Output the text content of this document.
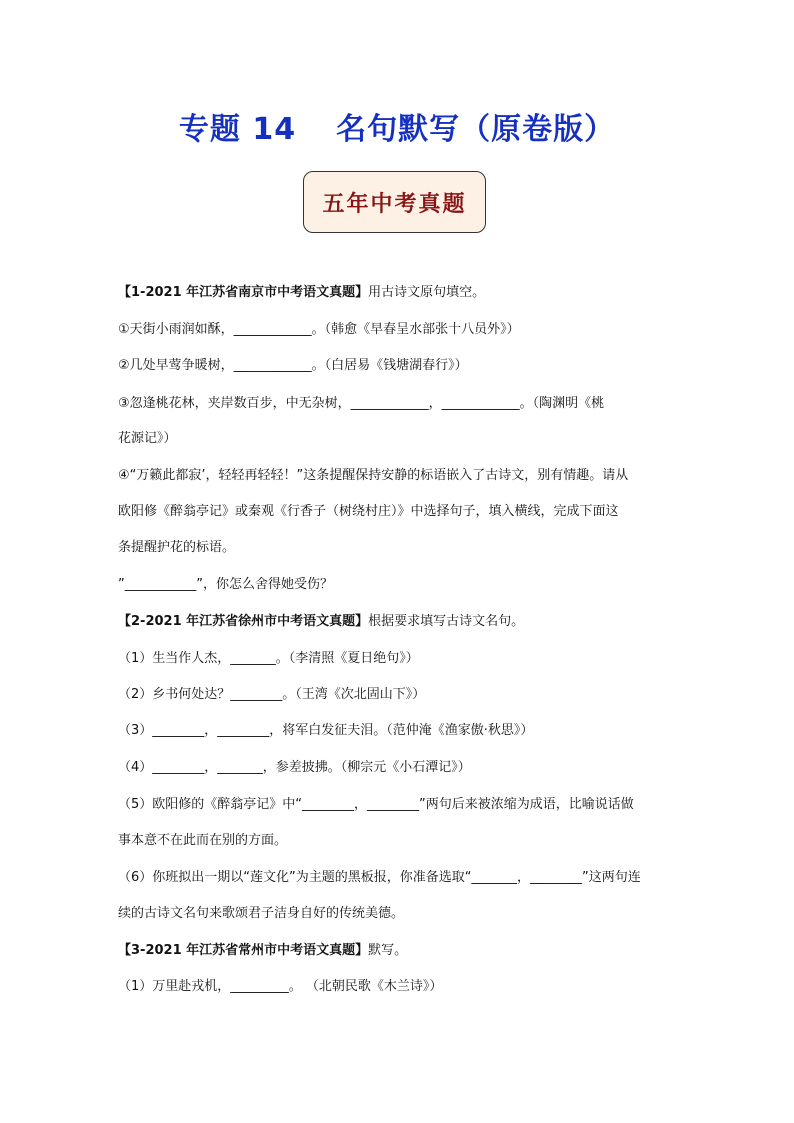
专题 14 名句默写（原卷版）
五年中考真题
【1-2021 年江苏省南京市中考语文真题】用古诗文原句填空。
①天街小雨润如酥，____________。（韩愈《早春呈水部张十八员外》）
②几处早莺争暖树，____________。（白居易《钱塘湖春行》）
③忽逢桃花林，夹岸数百步，中无杂树，____________，____________。（陶渊明《桃
花源记》）
④“万籁此都寂’，轻轻再轻轻！”这条提醒保持安静的标语嵌入了古诗文，别有情趣。请从
欧阳修《醉翁亭记》或秦观《行香子（树绕村庄）》中选择句子，填入横线，完成下面这
条提醒护花的标语。
”___________”，你怎么舍得她受伤？
【2-2021 年江苏省徐州市中考语文真题】根据要求填写古诗文名句。
（1）生当作人杰，_______。（李清照《夏日绝句》）
（2）乡书何处达？________。（王湾《次北固山下》）
（3）________，________，将军白发征夫泪。（范仲淹《渔家傲·秋思》）
（4）________，_______，参差披拂。（柳宗元《小石潭记》）
（5）欧阳修的《醉翁亭记》中“________，________”两句后来被浓缩为成语，比喻说话做
事本意不在此而在别的方面。
（6）你班拟出一期以“莲文化”为主题的黑板报，你准备选取“_______，________”这两句连
续的古诗文名句来歌颂君子洁身自好的传统美德。
【3-2021 年江苏省常州市中考语文真题】默写。
（1）万里赴戎机，_________。 （北朝民歌《木兰诗》）
